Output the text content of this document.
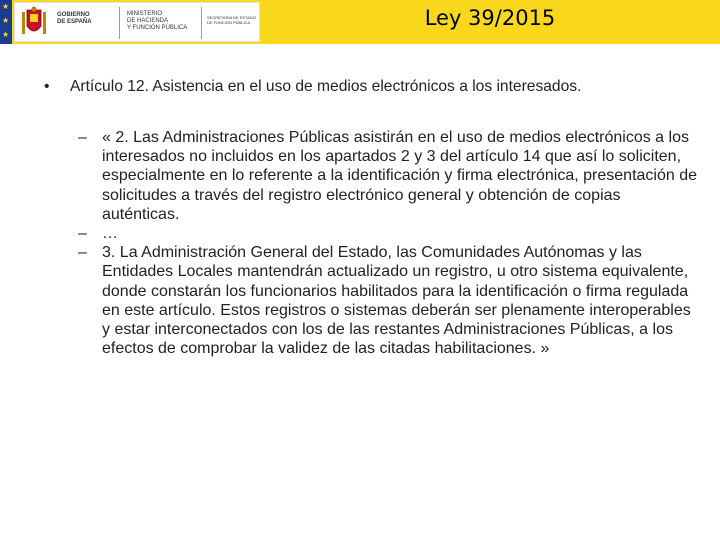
★
★
★
GOBIERNO
DE ESPAÑA
MINISTERIO
DE HACIENDA
Y FUNCIÓN PÚBLICA
SECRETARÍA DE ESTADO
DE FUNCIÓN PÚBLICA	Ley 39/2015
• Artículo 12. Asistencia en el uso de medios electrónicos a los interesados.
– « 2. Las Administraciones Públicas asistirán en el uso de medios electrónicos a los interesados no incluidos en los apartados 2 y 3 del artículo 14 que así lo soliciten, especialmente en lo referente a la identificación y firma electrónica, presentación de solicitudes a través del registro electrónico general y obtención de copias auténticas.
– …
– 3. La Administración General del Estado, las Comunidades Autónomas y las Entidades Locales mantendrán actualizado un registro, u otro sistema equivalente, donde constarán los funcionarios habilitados para la identificación o firma regulada en este artículo. Estos registros o sistemas deberán ser plenamente interoperables y estar interconectados con los de las restantes Administraciones Públicas, a los efectos de comprobar la validez de las citadas habilitaciones. »
